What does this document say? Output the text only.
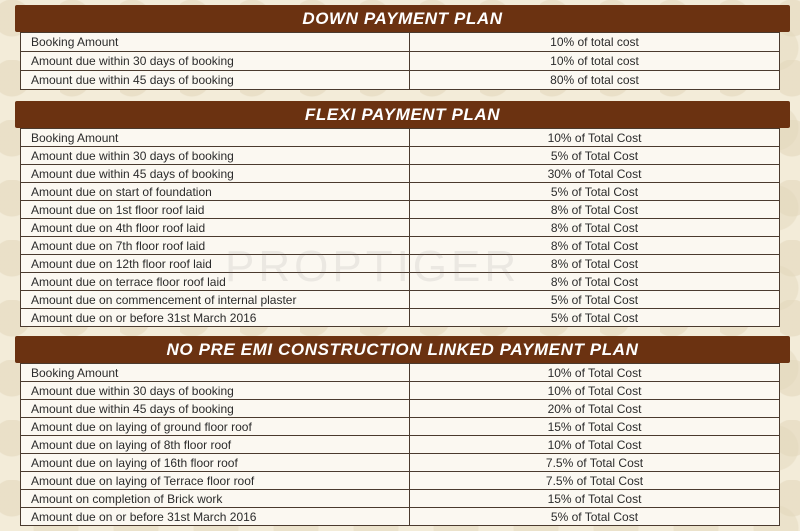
DOWN PAYMENT PLAN
Booking Amount	10% of total cost
Amount due within 30 days of booking	10% of total cost
Amount due within 45 days of booking	80% of total cost
FLEXI PAYMENT PLAN
Booking Amount	10% of Total Cost
Amount due within 30 days of booking	5% of Total Cost
Amount due within 45 days of booking	30% of Total Cost
Amount due on start of foundation	5% of Total Cost
Amount due on 1st floor roof laid	8% of Total Cost
Amount due on 4th floor roof laid	8% of Total Cost
Amount due on 7th floor roof laid	8% of Total Cost
Amount due on 12th floor roof laid	8% of Total Cost
Amount due on terrace floor roof laid	8% of Total Cost
Amount due on commencement of internal plaster	5% of Total Cost
Amount due on or before 31st March 2016	5% of Total Cost
NO PRE EMI CONSTRUCTION LINKED PAYMENT PLAN
Booking Amount	10% of Total Cost
Amount due within 30 days of booking	10% of Total Cost
Amount due within 45 days of booking	20% of Total Cost
Amount due on laying of ground floor roof	15% of Total Cost
Amount due on laying of 8th floor roof	10% of Total Cost
Amount due on laying of 16th floor roof	7.5% of Total Cost
Amount due on laying of Terrace floor roof	7.5% of Total Cost
Amount on completion of Brick work	15% of Total Cost
Amount due on or before 31st March 2016	5% of Total Cost
PROPTIGER
